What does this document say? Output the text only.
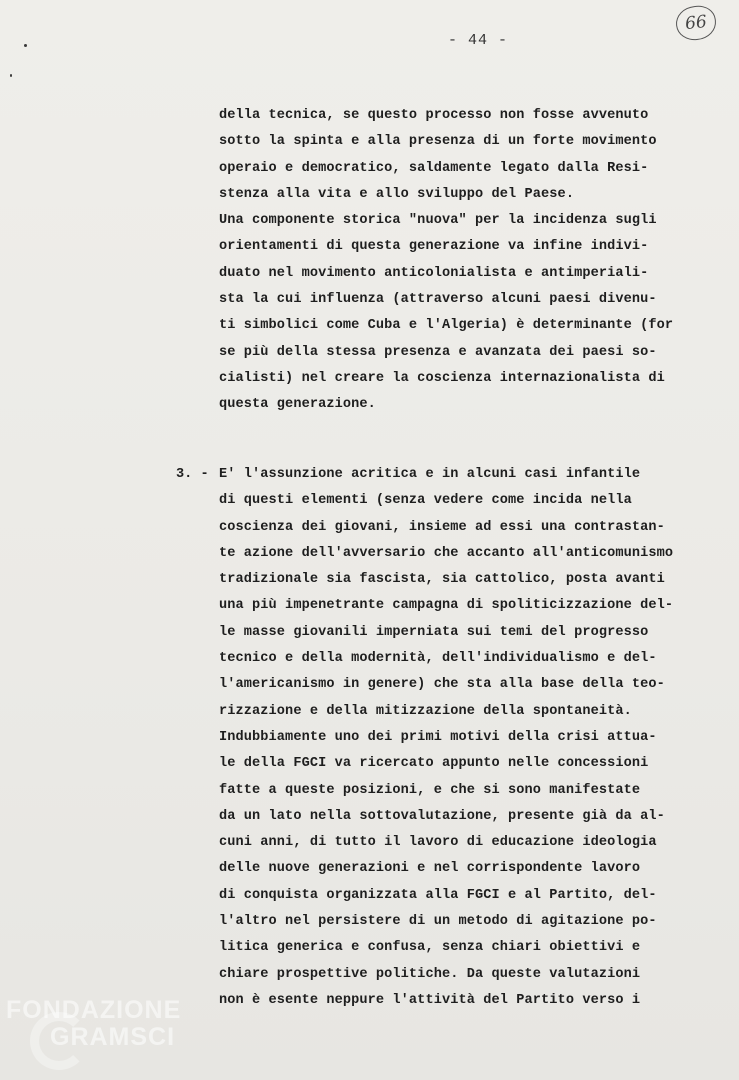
- 44 -
66
della tecnica, se questo processo non fosse avvenuto
sotto la spinta e alla presenza di un forte movimento
operaio e democratico, saldamente legato dalla Resi-
stenza alla vita e allo sviluppo del Paese.
Una componente storica "nuova" per la incidenza sugli
orientamenti di questa generazione va infine indivi-
duato nel movimento anticolonialista e antimperiali-
sta la cui influenza (attraverso alcuni paesi divenu-
ti simbolici come Cuba e l'Algeria) è determinante (for
se più della stessa presenza e avanzata dei paesi so-
cialisti) nel creare la coscienza internazionalista di
questa generazione.
3. - E' l'assunzione acritica e in alcuni casi infantile
di questi elementi (senza vedere come incida nella
coscienza dei giovani, insieme ad essi una contrastan-
te azione dell'avversario che accanto all'anticomunismo
tradizionale sia fascista, sia cattolico, posta avanti
una più impenetrante campagna di spoliticizzazione del-
le masse giovanili imperniata sui temi del progresso
tecnico e della modernità, dell'individualismo e del-
l'americanismo in genere) che sta alla base della teo-
rizzazione e della mitizzazione della spontaneità.
Indubbiamente uno dei primi motivi della crisi attua-
le della FGCI va ricercato appunto nelle concessioni
fatte a queste posizioni, e che si sono manifestate
da un lato nella sottovalutazione, presente già da al-
cuni anni, di tutto il lavoro di educazione ideologia
delle nuove generazioni e nel corrispondente lavoro
di conquista organizzata alla FGCI e al Partito, del-
l'altro nel persistere di un metodo di agitazione po-
litica generica e confusa, senza chiari obiettivi e
chiare prospettive politiche. Da queste valutazioni
non è esente neppure l'attività del Partito verso i
FONDAZIONE
GRAMSCI
